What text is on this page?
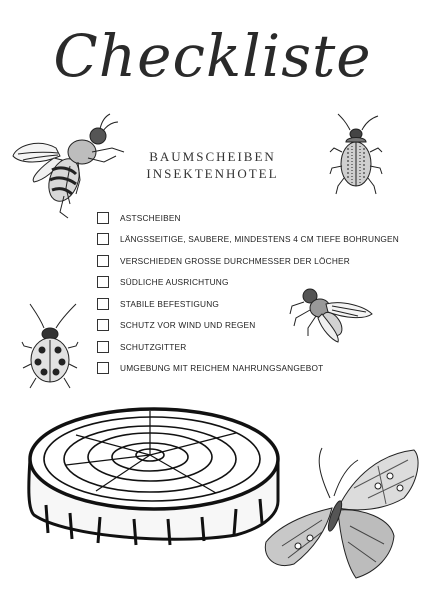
Checkliste
BAUMSCHEIBEN
INSEKTENHOTEL
ASTSCHEIBEN
LÄNGSSEITIGE, SAUBERE, MINDESTENS 4 CM TIEFE BOHRUNGEN
VERSCHIEDEN GROSSE DURCHMESSER DER LÖCHER
SÜDLICHE AUSRICHTUNG
STABILE BEFESTIGUNG
SCHUTZ VOR WIND UND REGEN
SCHUTZGITTER
UMGEBUNG MIT REICHEM NAHRUNGSANGEBOT
